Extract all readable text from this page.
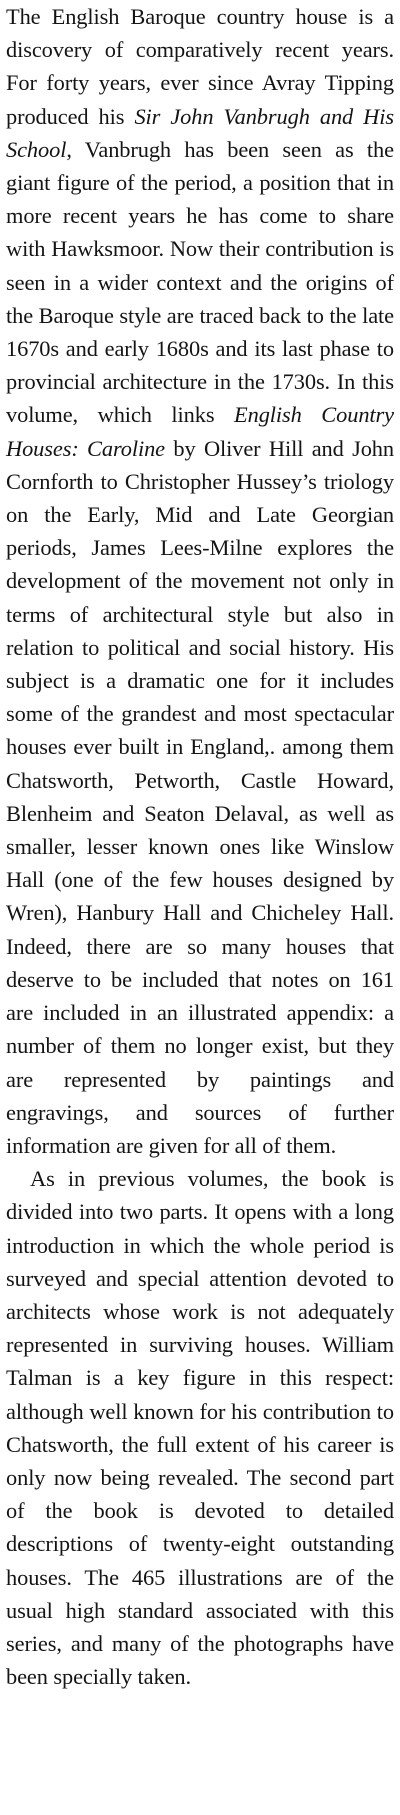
The English Baroque country house is a discovery of comparatively recent years. For forty years, ever since Avray Tipping produced his Sir John Vanbrugh and His School, Vanbrugh has been seen as the giant figure of the period, a position that in more recent years he has come to share with Hawksmoor. Now their contribution is seen in a wider context and the origins of the Baroque style are traced back to the late 1670s and early 1680s and its last phase to provincial architecture in the 1730s. In this volume, which links English Country Houses: Caroline by Oliver Hill and John Cornforth to Christopher Hussey’s triology on the Early, Mid and Late Georgian periods, James Lees-Milne explores the development of the movement not only in terms of architectural style but also in relation to political and social history. His subject is a dramatic one for it includes some of the grandest and most spectacular houses ever built in England,. among them Chatsworth, Petworth, Castle Howard, Blenheim and Seaton Delaval, as well as smaller, lesser known ones like Winslow Hall (one of the few houses designed by Wren), Hanbury Hall and Chicheley Hall. Indeed, there are so many houses that deserve to be included that notes on 161 are included in an illustrated appendix: a number of them no longer exist, but they are represented by paintings and engravings, and sources of further information are given for all of them.

As in previous volumes, the book is divided into two parts. It opens with a long introduction in which the whole period is surveyed and special attention devoted to architects whose work is not adequately represented in surviving houses. William Talman is a key figure in this respect: although well known for his contribution to Chatsworth, the full extent of his career is only now being revealed. The second part of the book is devoted to detailed descriptions of twenty-eight outstanding houses. The 465 illustrations are of the usual high standard associated with this series, and many of the photographs have been specially taken.
